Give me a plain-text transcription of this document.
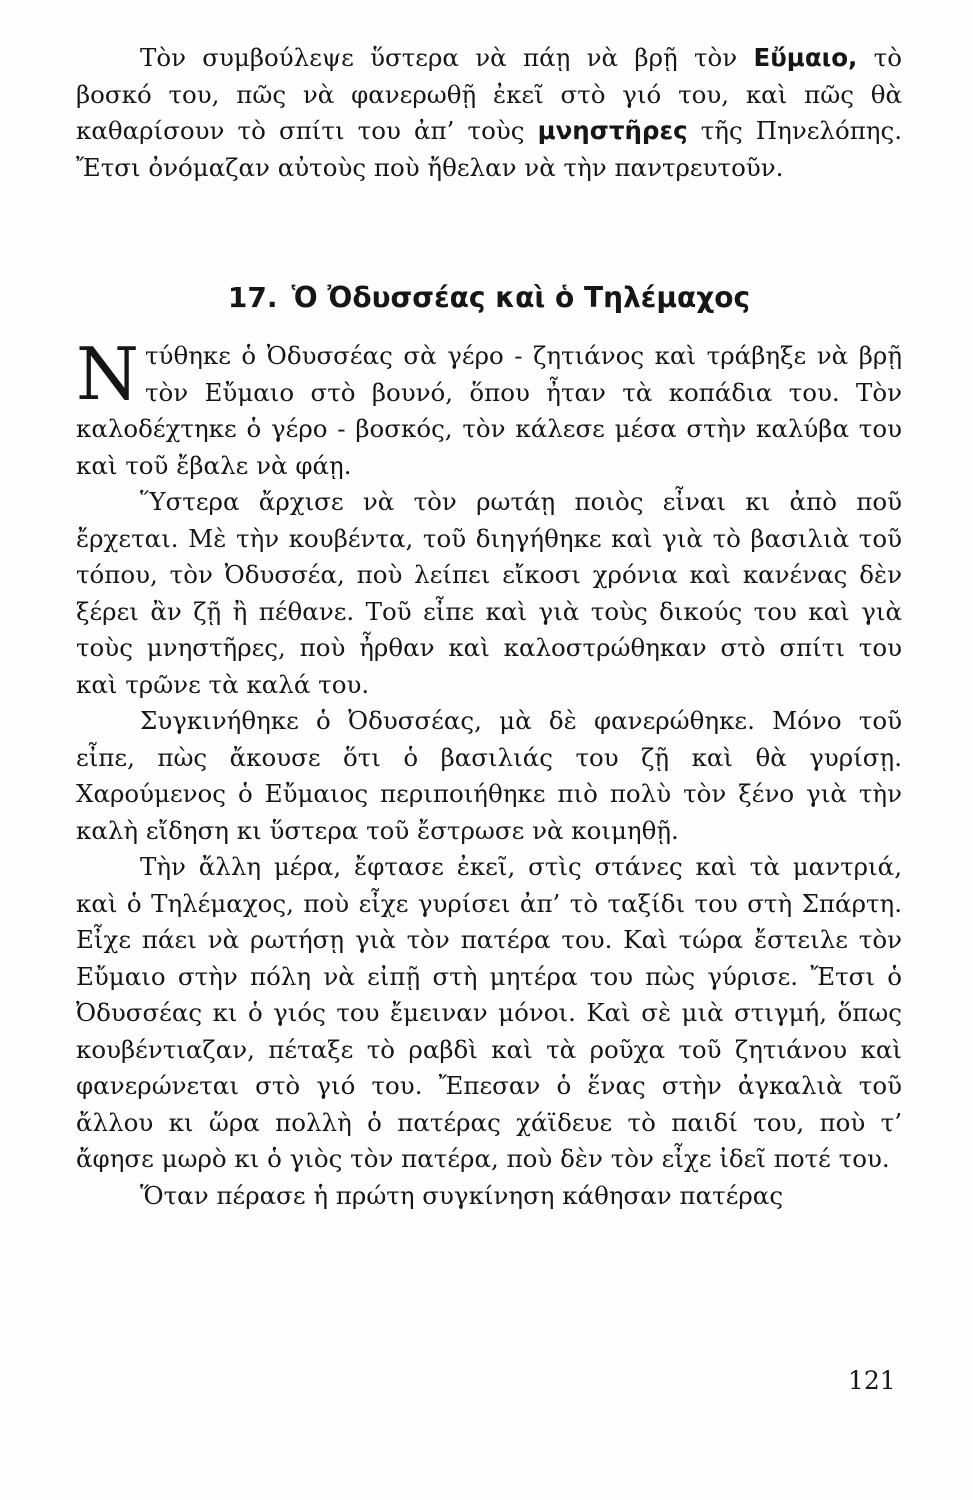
Τὸν συμβούλεψε ὕστερα νὰ πάῃ νὰ βρῇ τὸν Εὔμαιο, τὸ βοσκό του, πῶς νὰ φανερωθῇ ἐκεῖ στὸ γιό του, καὶ πῶς θὰ καθαρίσουν τὸ σπίτι του ἀπ’ τοὺς μνηστῆρες τῆς Πηνελόπης. Ἔτσι ὀνόμαζαν αὐτοὺς ποὺ ἤθελαν νὰ τὴν παντρευτοῦν.

17. Ὁ Ὀδυσσέας καὶ ὁ Τηλέμαχος

Ντύθηκε ὁ Ὀδυσσέας σὰ γέρο - ζητιάνος καὶ τράβηξε νὰ βρῇ τὸν Εὔμαιο στὸ βουνό, ὅπου ἦταν τὰ κοπάδια του. Τὸν καλοδέχτηκε ὁ γέρο - βοσκός, τὸν κάλεσε μέσα στὴν καλύβα του καὶ τοῦ ἔβαλε νὰ φάῃ.

Ὕστερα ἄρχισε νὰ τὸν ρωτάῃ ποιὸς εἶναι κι ἀπὸ ποῦ ἔρχεται. Μὲ τὴν κουβέντα, τοῦ διηγήθηκε καὶ γιὰ τὸ βασιλιὰ τοῦ τόπου, τὸν Ὀδυσσέα, ποὺ λείπει εἴκοσι χρόνια καὶ κανένας δὲν ξέρει ἂν ζῇ ἢ πέθανε. Τοῦ εἶπε καὶ γιὰ τοὺς δικούς του καὶ γιὰ τοὺς μνηστῆρες, ποὺ ἦρθαν καὶ καλοστρώθηκαν στὸ σπίτι του καὶ τρῶνε τὰ καλά του.

Συγκινήθηκε ὁ Ὀδυσσέας, μὰ δὲ φανερώθηκε. Μόνο τοῦ εἶπε, πὼς ἄκουσε ὅτι ὁ βασιλιάς του ζῇ καὶ θὰ γυρίσῃ. Χαρούμενος ὁ Εὔμαιος περιποιήθηκε πιὸ πολὺ τὸν ξένο γιὰ τὴν καλὴ εἴδηση κι ὕστερα τοῦ ἔστρωσε νὰ κοιμηθῇ.

Τὴν ἄλλη μέρα, ἔφτασε ἐκεῖ, στὶς στάνες καὶ τὰ μαντριά, καὶ ὁ Τηλέμαχος, ποὺ εἶχε γυρίσει ἀπ’ τὸ ταξίδι του στὴ Σπάρτη. Εἶχε πάει νὰ ρωτήσῃ γιὰ τὸν πατέρα του. Καὶ τώρα ἔστειλε τὸν Εὔμαιο στὴν πόλη νὰ εἰπῇ στὴ μητέρα του πὼς γύρισε. Ἔτσι ὁ Ὀδυσσέας κι ὁ γιός του ἔμειναν μόνοι. Καὶ σὲ μιὰ στιγμή, ὅπως κουβέντιαζαν, πέταξε τὸ ραβδὶ καὶ τὰ ροῦχα τοῦ ζητιάνου καὶ φανερώνεται στὸ γιό του. Ἔπεσαν ὁ ἕνας στὴν ἀγκαλιὰ τοῦ ἄλλου κι ὥρα πολλὴ ὁ πατέρας χάϊδευε τὸ παιδί του, ποὺ τ’ ἄφησε μωρὸ κι ὁ γιὸς τὸν πατέρα, ποὺ δὲν τὸν εἶχε ἰδεῖ ποτέ του.

Ὅταν πέρασε ἡ πρώτη συγκίνηση κάθησαν πατέρας

121
